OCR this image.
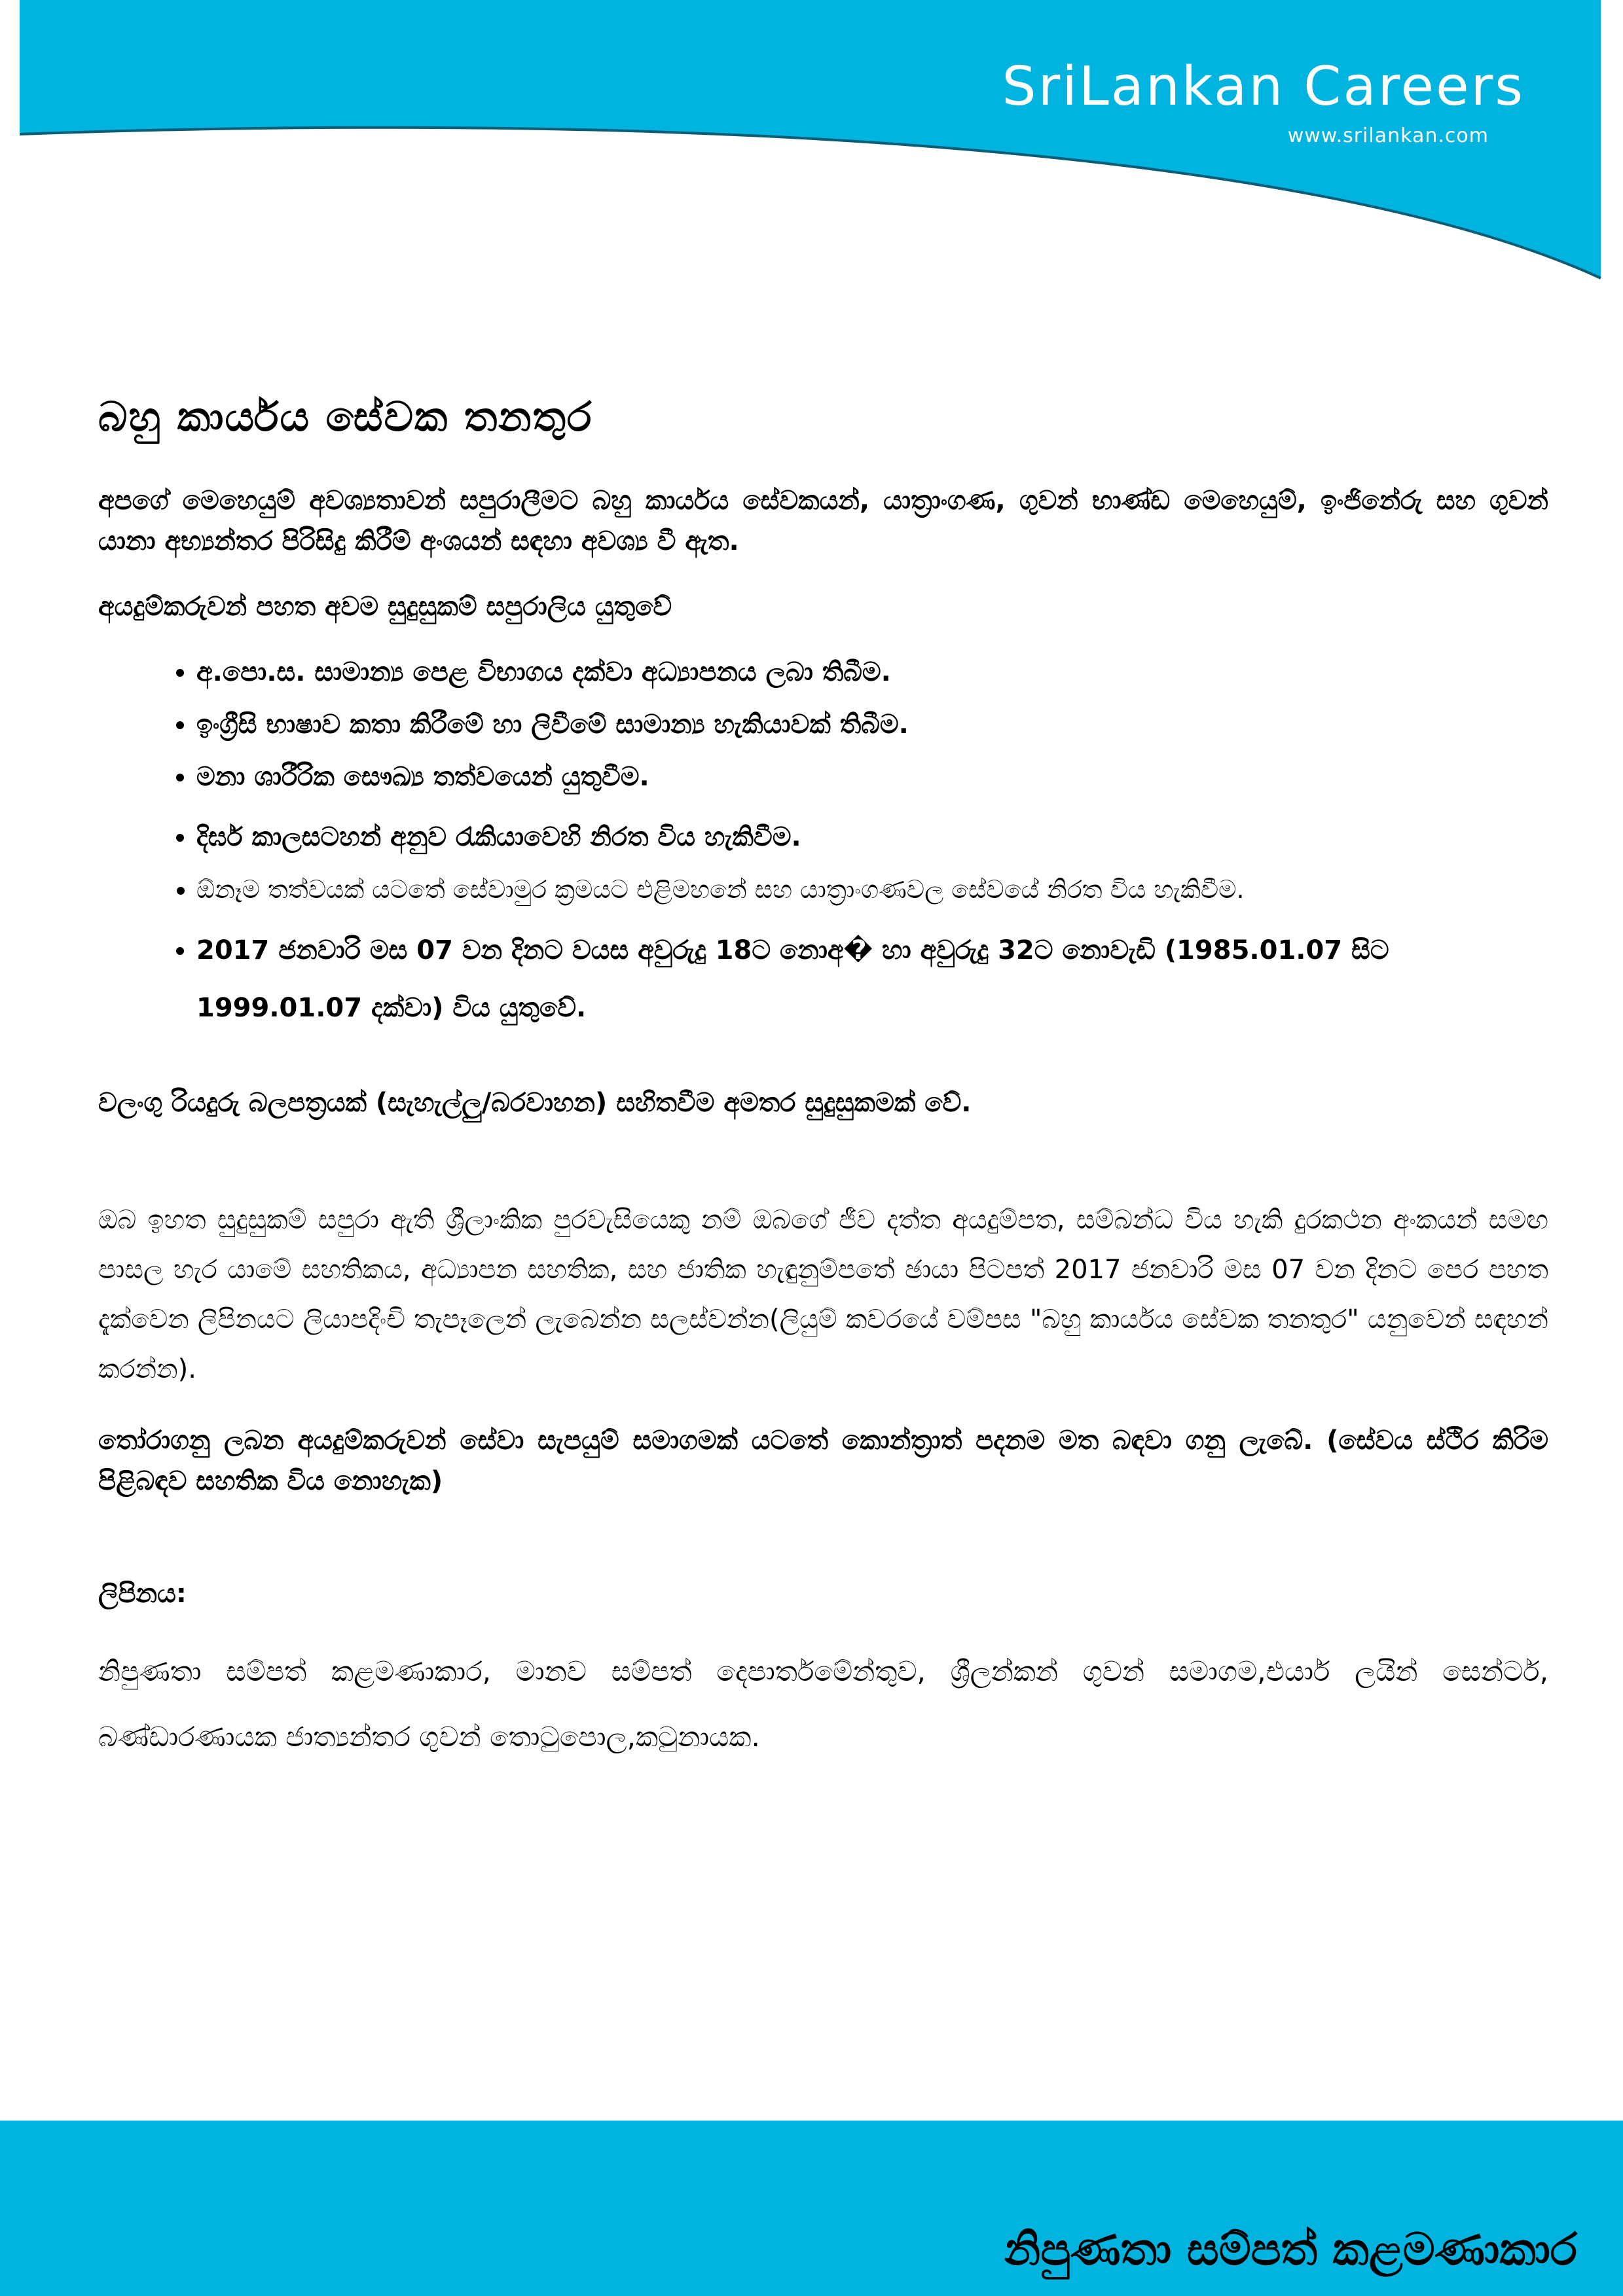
SriLankan Careers
www.srilankan.com
බහු කාර්යය සේවක තනතුර

අපගේ මෙහෙයුම් අවශ්‍යතාවන් සපුරාලීමට බහු කාර්යය සේවකයන්, යාත්‍රාංගණ, ගුවන් භාණ්ඩ මෙහෙයුම්, ඉංජිනේරු සහ ගුවන් යානා අභ්‍යන්තර පිරිසිදු කිරීම් අංශයන් සඳහා අවශ්‍ය වී ඇත.

අයදුම්කරුවන් පහත අවම සුදුසුකම් සපුරාලිය යුතුවේ

• අ.පො.ස. සාමාන්‍ය පෙළ විභාගය දක්වා අධ්‍යාපනය ලබා තිබීම.
• ඉංග්‍රීසි භාෂාව කතා කිරීමේ හා ලිවීමේ සාමාන්‍ය හැකියාවක් තිබීම.
• මනා ශාරීරික සෞඛ්‍ය තත්වයෙන් යුතුවීම.
• දිර්ඝ කාලසටහන් අනුව රැකියාවෙහි නිරත විය හැකිවීම.
• ඕනෑම තත්වයක් යටතේ සේවාමුර ක්‍රමයට එළිමහනේ සහ යාත්‍රාංගණවල සේවයේ නිරත විය හැකිවීම.
• 2017 ජනවාරි මස 07 වන දිනට වයස අවුරුදු 18ට නොඅ� හා අවුරුදු 32ට නොවැඩි (1985.01.07 සිට 1999.01.07 දක්වා) විය යුතුවේ.

වලංගු රියදුරු බලපත්‍රයක් (සැහැල්ලු/බරවාහන) සහිතවීම අමතර සුදුසුකමක් වේ.

ඔබ ඉහත සුදුසුකම් සපුරා ඇති ශ්‍රීලාංකික පුරවැසියෙකු නම් ඔබගේ ජීව දත්ත අයදුම්පත, සම්බන්ධ විය හැකි දුරකථන අංකයන් සමඟ පාසල හැර යාමේ සහතිකය, අධ්‍යාපන සහතික, සහ ජාතික හැඳුනුම්පතේ ඡායා පිටපත් 2017 ජනවාරි මස 07 වන දිනට පෙර පහත දැක්වෙන ලිපිනයට ලියාපදිංචි තැපෑලෙන් ලැබෙන්න සලස්වන්න(ලියුම් කවරයේ වම්පස "බහු කාර්යය සේවක තනතුර" යනුවෙන් සඳහන් කරන්න).

තෝරාගනු ලබන අයදුම්කරුවන් සේවා සැපයුම් සමාගමක් යටතේ කොන්ත්‍රාත් පදනම මත බඳවා ගනු ලැබේ. (සේවය ස්ථිර කිරිම පිළිබඳව සහතික විය නොහැක)

ලිපිනය:

නිපුණතා සම්පත් කළමණාකාර, මානව සම්පත් දෙපාර්තමේන්තුව, ශ්‍රීලන්කන් ගුවන් සමාගම,එයාර් ලයින් සෙන්ටර්, බණ්ඩාරණායක ජාත්‍යන්තර ගුවන් තොටුපොල,කටුනායක.

නිපුණතා සම්පත් කළමණාකාර
